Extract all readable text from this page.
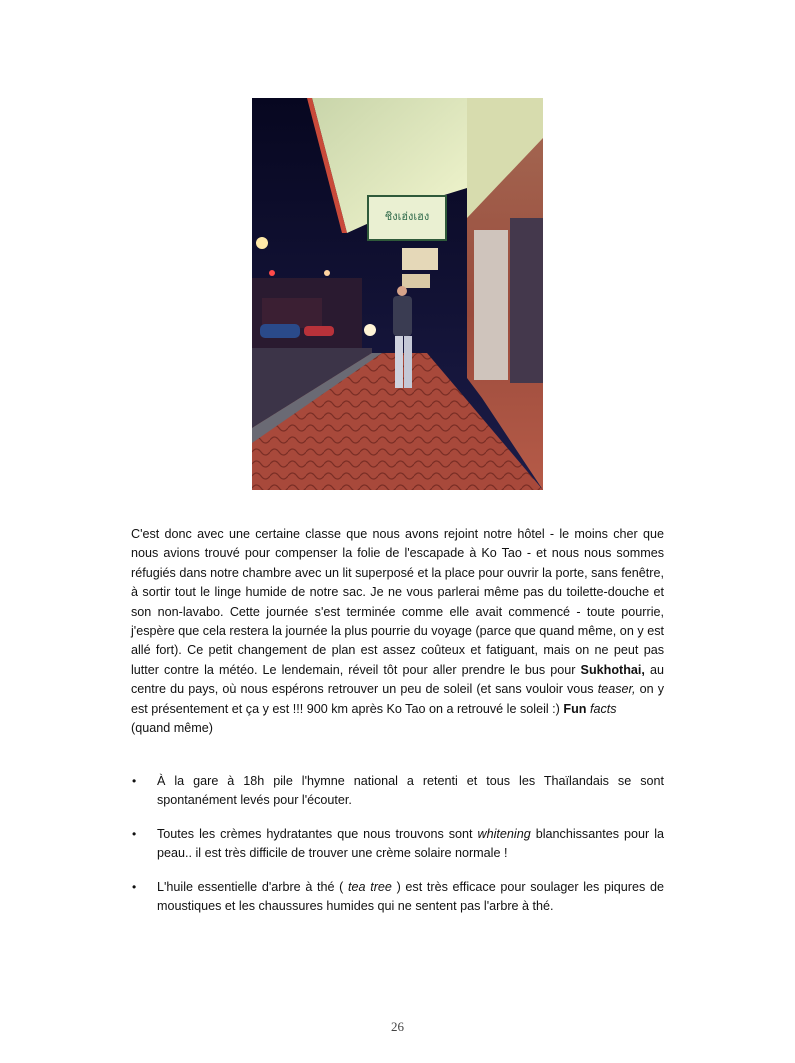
ชิงเฮ่งเฮง

C'est donc avec une certaine classe que nous avons rejoint notre hôtel - le moins cher que nous avions trouvé pour compenser la folie de l'escapade à Ko Tao - et nous nous sommes réfugiés dans notre chambre avec un lit superposé et la place pour ouvrir la porte, sans fenêtre, à sortir tout le linge humide de notre sac. Je ne vous parlerai même pas du toilette-douche et son non-lavabo. Cette journée s'est terminée comme elle avait commencé - toute pourrie, j'espère que cela restera la journée la plus pourrie du voyage (parce que quand même, on y est allé fort). Ce petit changement de plan est assez coûteux et fatiguant, mais on ne peut pas lutter contre la météo. Le lendemain, réveil tôt pour aller prendre le bus pour Sukhothai, au centre du pays, où nous espérons retrouver un peu de soleil (et sans vouloir vous teaser, on y est présentement et ça y est !!! 900 km après Ko Tao on a retrouvé le soleil :) Fun facts
(quand même)

• À la gare à 18h pile l'hymne national a retenti et tous les Thaïlandais se sont spontanément levés pour l'écouter.
• Toutes les crèmes hydratantes que nous trouvons sont whitening blanchissantes pour la peau.. il est très difficile de trouver une crème solaire normale !
• L'huile essentielle d'arbre à thé ( tea tree ) est très efficace pour soulager les piqures de moustiques et les chaussures humides qui ne sentent pas l'arbre à thé.
26
